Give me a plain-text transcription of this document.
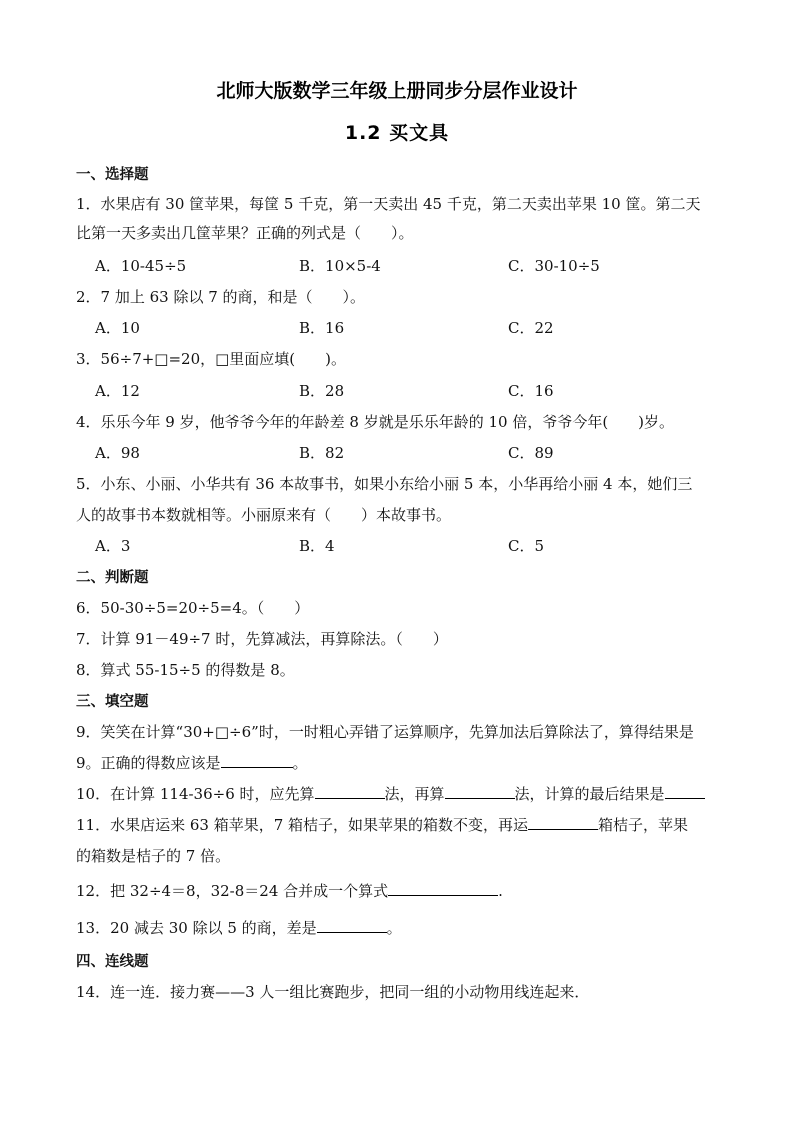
北师大版数学三年级上册同步分层作业设计
1.2 买文具
一、选择题
1．水果店有 30 筐苹果，每筐 5 千克，第一天卖出 45 千克，第二天卖出苹果 10 筐。第二天
比第一天多卖出几筐苹果？正确的列式是（　　）。
A．10-45÷5	B．10×5-4	C．30-10÷5
2．7 加上 63 除以 7 的商，和是（　　）。
A．10	B．16	C．22
3．56÷7+□=20，□里面应填(　　)。
A．12	B．28	C．16
4．乐乐今年 9 岁，他爷爷今年的年龄差 8 岁就是乐乐年龄的 10 倍，爷爷今年(　　)岁。
A．98	B．82	C．89
5．小东、小丽、小华共有 36 本故事书，如果小东给小丽 5 本，小华再给小丽 4 本，她们三
人的故事书本数就相等。小丽原来有（　　）本故事书。
A．3	B．4	C．5
二、判断题
6．50-30÷5=20÷5=4。（　　）
7．计算 91－49÷7 时，先算减法，再算除法。（　　）
8．算式 55-15÷5 的得数是 8。
三、填空题
9．笑笑在计算“30+□÷6”时，一时粗心弄错了运算顺序，先算加法后算除法了，算得结果是
9。正确的得数应该是	。
10．在计算 114-36÷6 时，应先算	法，再算	法，计算的最后结果是
11．水果店运来 63 箱苹果，7 箱桔子，如果苹果的箱数不变，再运	箱桔子，苹果
的箱数是桔子的 7 倍。
12．把 32÷4＝8，32-8＝24 合并成一个算式	.
13．20 减去 30 除以 5 的商，差是	。
四、连线题
14．连一连．接力赛——3 人一组比赛跑步，把同一组的小动物用线连起来．
